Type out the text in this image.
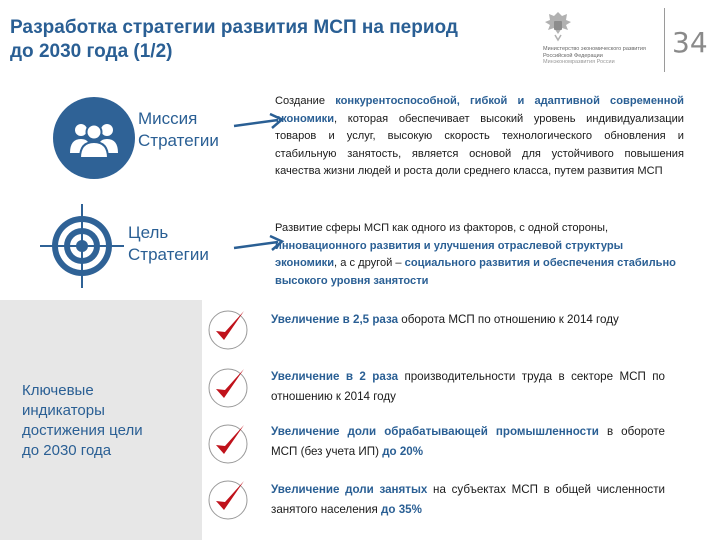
Разработка стратегии развития МСП на период
до 2030 года (1/2)	Министерство экономического развития
Российской Федерации
Минэкономразвития России
34
Миссия
Стратегии
Создание конкурентоспособной, гибкой и адаптивной современной экономики, которая обеспечивает высокий уровень индивидуализации товаров и услуг, высокую скорость технологического обновления и стабильную занятость, является основой для устойчивого повышения качества жизни людей и роста доли среднего класса, путем развития МСП
Цель
Стратегии
Развитие сферы МСП как одного из факторов, с одной стороны, инновационного развития и улучшения отраслевой структуры экономики, а с другой – социального развития и обеспечения стабильно высокого уровня занятости
Ключевые
индикаторы
достижения цели
до 2030 года
Увеличение в 2,5 раза оборота МСП по отношению к 2014 году
Увеличение в 2 раза производительности труда в секторе МСП по отношению к 2014 году
Увеличение доли обрабатывающей промышленности в обороте МСП (без учета ИП) до 20%
Увеличение доли занятых на субъектах МСП в общей численности занятого населения до 35%
